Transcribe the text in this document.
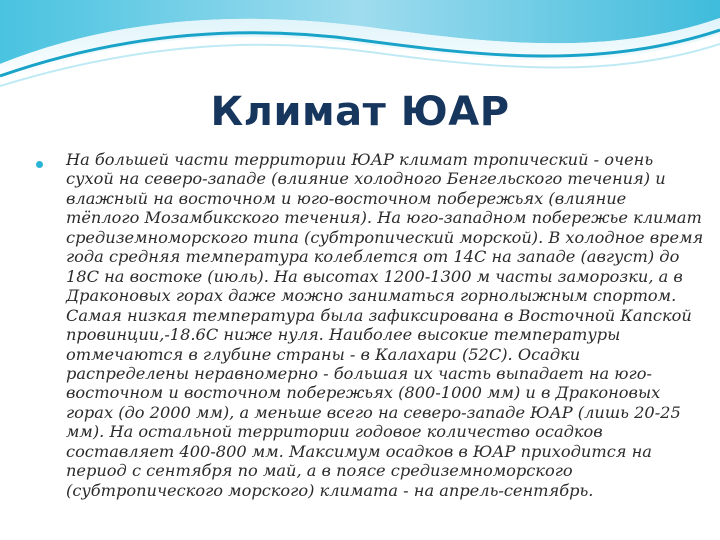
Климат ЮАР

На большей части территории ЮАР климат тропический - очень сухой на северо-западе (влияние холодного Бенгельского течения) и влажный на восточном и юго-восточном побережьях (влияние тёплого Мозамбикского течения). На юго-западном побережье климат средиземноморского типа (субтропический морской). В холодное время года средняя температура колеблется от 14С на западе (август) до 18С на востоке (июль). На высотах 1200-1300 м часты заморозки, а в Драконовых горах даже можно заниматься горнолыжным спортом. Самая низкая температура была зафиксирована в Восточной Капской провинции,-18.6С ниже нуля. Наиболее высокие температуры отмечаются в глубине страны - в Калахари (52С). Осадки распределены неравномерно - большая их часть выпадает на юго-восточном и восточном побережьях (800-1000 мм) и в Драконовых горах (до 2000 мм), а меньше всего на северо-западе ЮАР (лишь 20-25 мм). На остальной территории годовое количество осадков составляет 400-800 мм. Максимум осадков в ЮАР приходится на период с сентября по май, а в поясе средиземноморского (субтропического морского) климата - на апрель-сентябрь.
